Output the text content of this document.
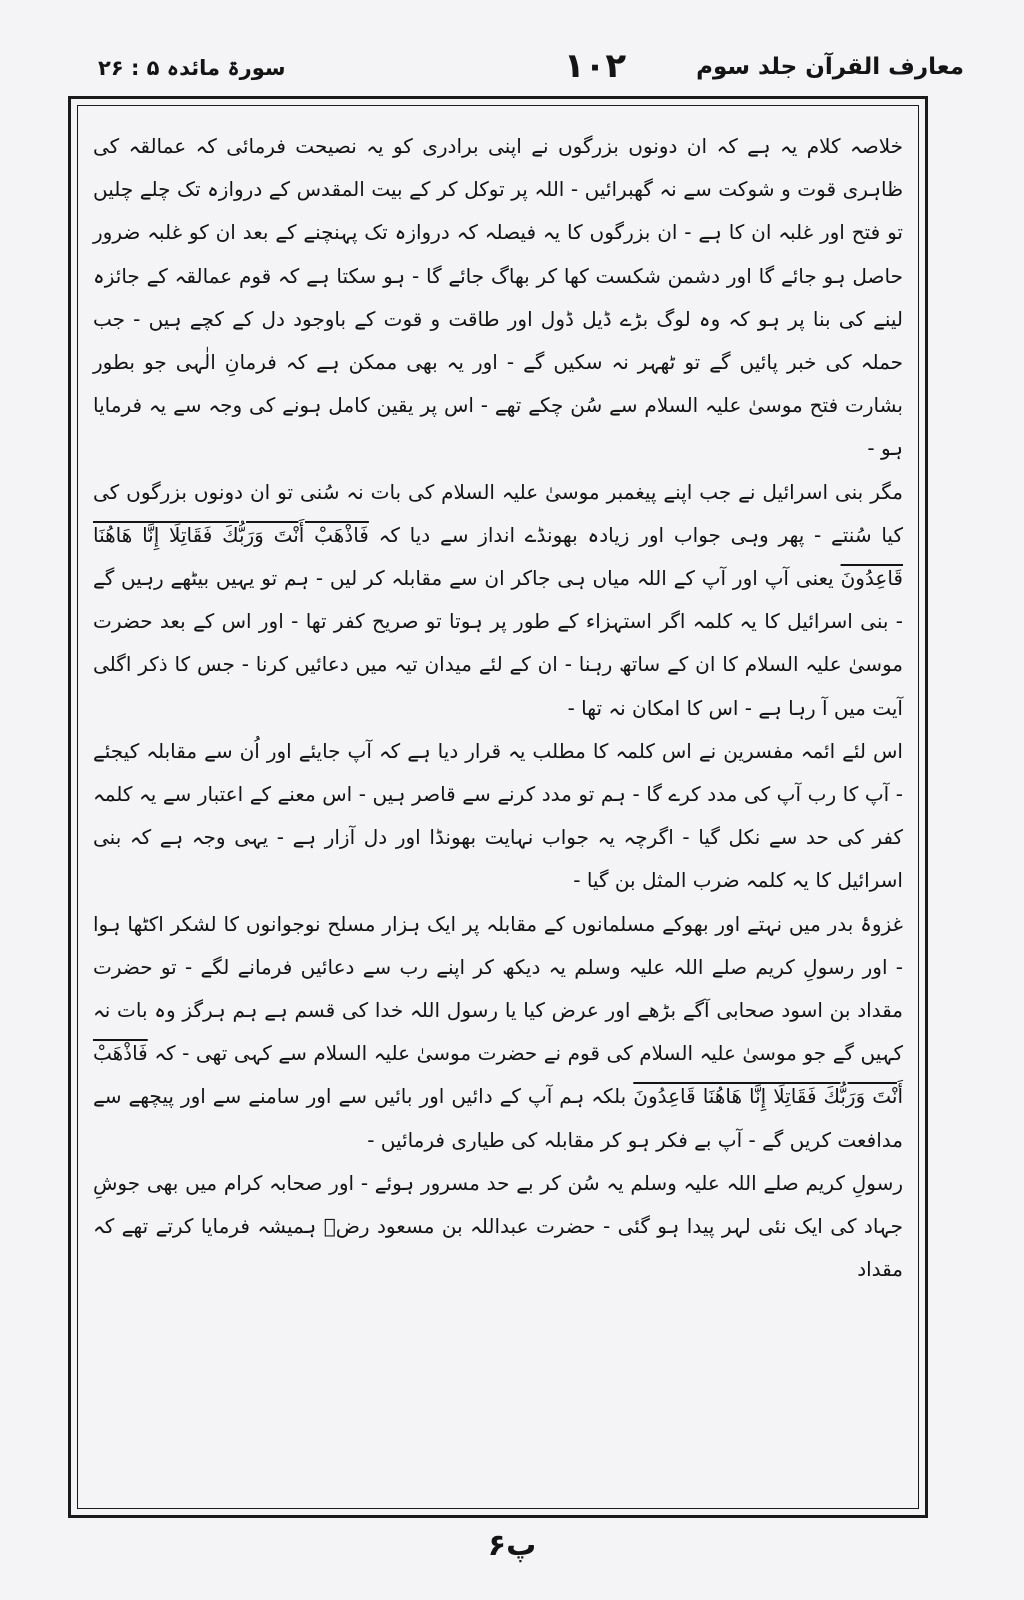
سورۃ مائدہ ۵ : ۲۶	۱۰۲	معارف القرآن جلد سوم

خلاصہ کلام یہ ہے کہ ان دونوں بزرگوں نے اپنی برادری کو یہ نصیحت فرمائی کہ عمالقہ کی ظاہری قوت و شوکت سے نہ گھبرائیں - اللہ پر توکل کر کے بیت المقدس کے دروازہ تک چلے چلیں تو فتح اور غلبہ ان کا ہے - ان بزرگوں کا یہ فیصلہ کہ دروازہ تک پہنچنے کے بعد ان کو غلبہ ضرور حاصل ہو جائے گا اور دشمن شکست کھا کر بھاگ جائے گا - ہو سکتا ہے کہ قوم عمالقہ کے جائزہ لینے کی بنا پر ہو کہ وہ لوگ بڑے ڈیل ڈول اور طاقت و قوت کے باوجود دل کے کچے ہیں - جب حملہ کی خبر پائیں گے تو ٹھہر نہ سکیں گے - اور یہ بھی ممکن ہے کہ فرمانِ الٰہی جو بطور بشارت فتح موسیٰ علیہ السلام سے سُن چکے تھے - اس پر یقین کامل ہونے کی وجہ سے یہ فرمایا ہو -

مگر بنی اسرائیل نے جب اپنے پیغمبر موسیٰ علیہ السلام کی بات نہ سُنی تو ان دونوں بزرگوں کی کیا سُنتے - پھر وہی جواب اور زیادہ بھونڈے انداز سے دیا کہ فَاذْهَبْ أَنْتَ وَرَبُّكَ فَقَاتِلَا إِنَّا هَاهُنَا قَاعِدُونَ یعنی آپ اور آپ کے اللہ میاں ہی جاکر ان سے مقابلہ کر لیں - ہم تو یہیں بیٹھے رہیں گے - بنی اسرائیل کا یہ کلمہ اگر استہزاء کے طور پر ہوتا تو صریح کفر تھا - اور اس کے بعد حضرت موسیٰ علیہ السلام کا ان کے ساتھ رہنا - ان کے لئے میدان تیہ میں دعائیں کرنا - جس کا ذکر اگلی آیت میں آ رہا ہے - اس کا امکان نہ تھا -

اس لئے ائمہ مفسرین نے اس کلمہ کا مطلب یہ قرار دیا ہے کہ آپ جایئے اور اُن سے مقابلہ کیجئے - آپ کا رب آپ کی مدد کرے گا - ہم تو مدد کرنے سے قاصر ہیں - اس معنے کے اعتبار سے یہ کلمہ کفر کی حد سے نکل گیا - اگرچہ یہ جواب نہایت بھونڈا اور دل آزار ہے - یہی وجہ ہے کہ بنی اسرائیل کا یہ کلمہ ضرب المثل بن گیا -

غزوۂ بدر میں نہتے اور بھوکے مسلمانوں کے مقابلہ پر ایک ہزار مسلح نوجوانوں کا لشکر اکٹھا ہوا - اور رسولِ کریم صلے اللہ علیہ وسلم یہ دیکھ کر اپنے رب سے دعائیں فرمانے لگے - تو حضرت مقداد بن اسود صحابی آگے بڑھے اور عرض کیا یا رسول اللہ خدا کی قسم ہے ہم ہرگز وہ بات نہ کہیں گے جو موسیٰ علیہ السلام کی قوم نے حضرت موسیٰ علیہ السلام سے کہی تھی - کہ فَاذْهَبْ أَنْتَ وَرَبُّكَ فَقَاتِلَا إِنَّا هَاهُنَا قَاعِدُونَ بلکہ ہم آپ کے دائیں اور بائیں سے اور سامنے سے اور پیچھے سے مدافعت کریں گے - آپ بے فکر ہو کر مقابلہ کی طیاری فرمائیں -

رسولِ کریم صلے اللہ علیہ وسلم یہ سُن کر بے حد مسرور ہوئے - اور صحابہ کرام میں بھی جوشِ جہاد کی ایک نئی لہر پیدا ہو گئی - حضرت عبداللہ بن مسعود رضؓ ہمیشہ فرمایا کرتے تھے کہ مقداد

پ۶
